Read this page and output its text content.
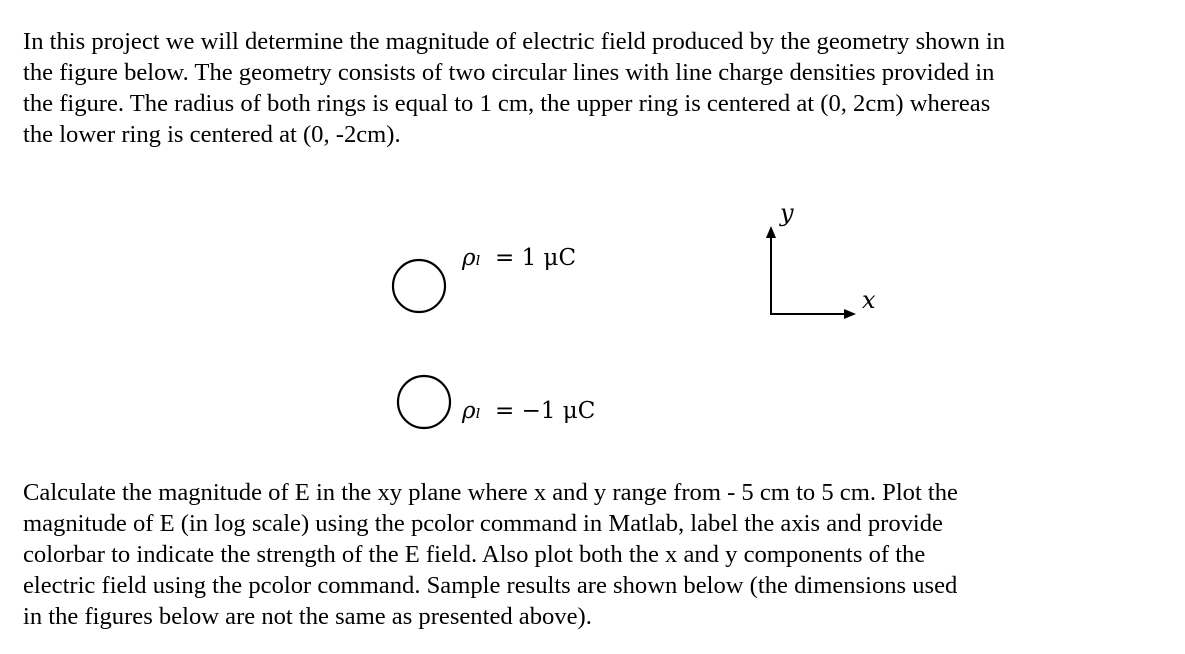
In this project we will determine the magnitude of electric field produced by the geometry shown in
the figure below. The geometry consists of two circular lines with line charge densities provided in
the figure. The radius of both rings is equal to 1 cm, the upper ring is centered at (0, 2cm) whereas
the lower ring is centered at (0, -2cm).
ρₗ = 1 μC
ρₗ = −1 μC
y
x
Calculate the magnitude of E in the xy plane where x and y range from - 5 cm to 5 cm. Plot the
magnitude of E (in log scale) using the pcolor command in Matlab, label the axis and provide
colorbar to indicate the strength of the E field. Also plot both the x and y components of the
electric field using the pcolor command. Sample results are shown below (the dimensions used
in the figures below are not the same as presented above).
